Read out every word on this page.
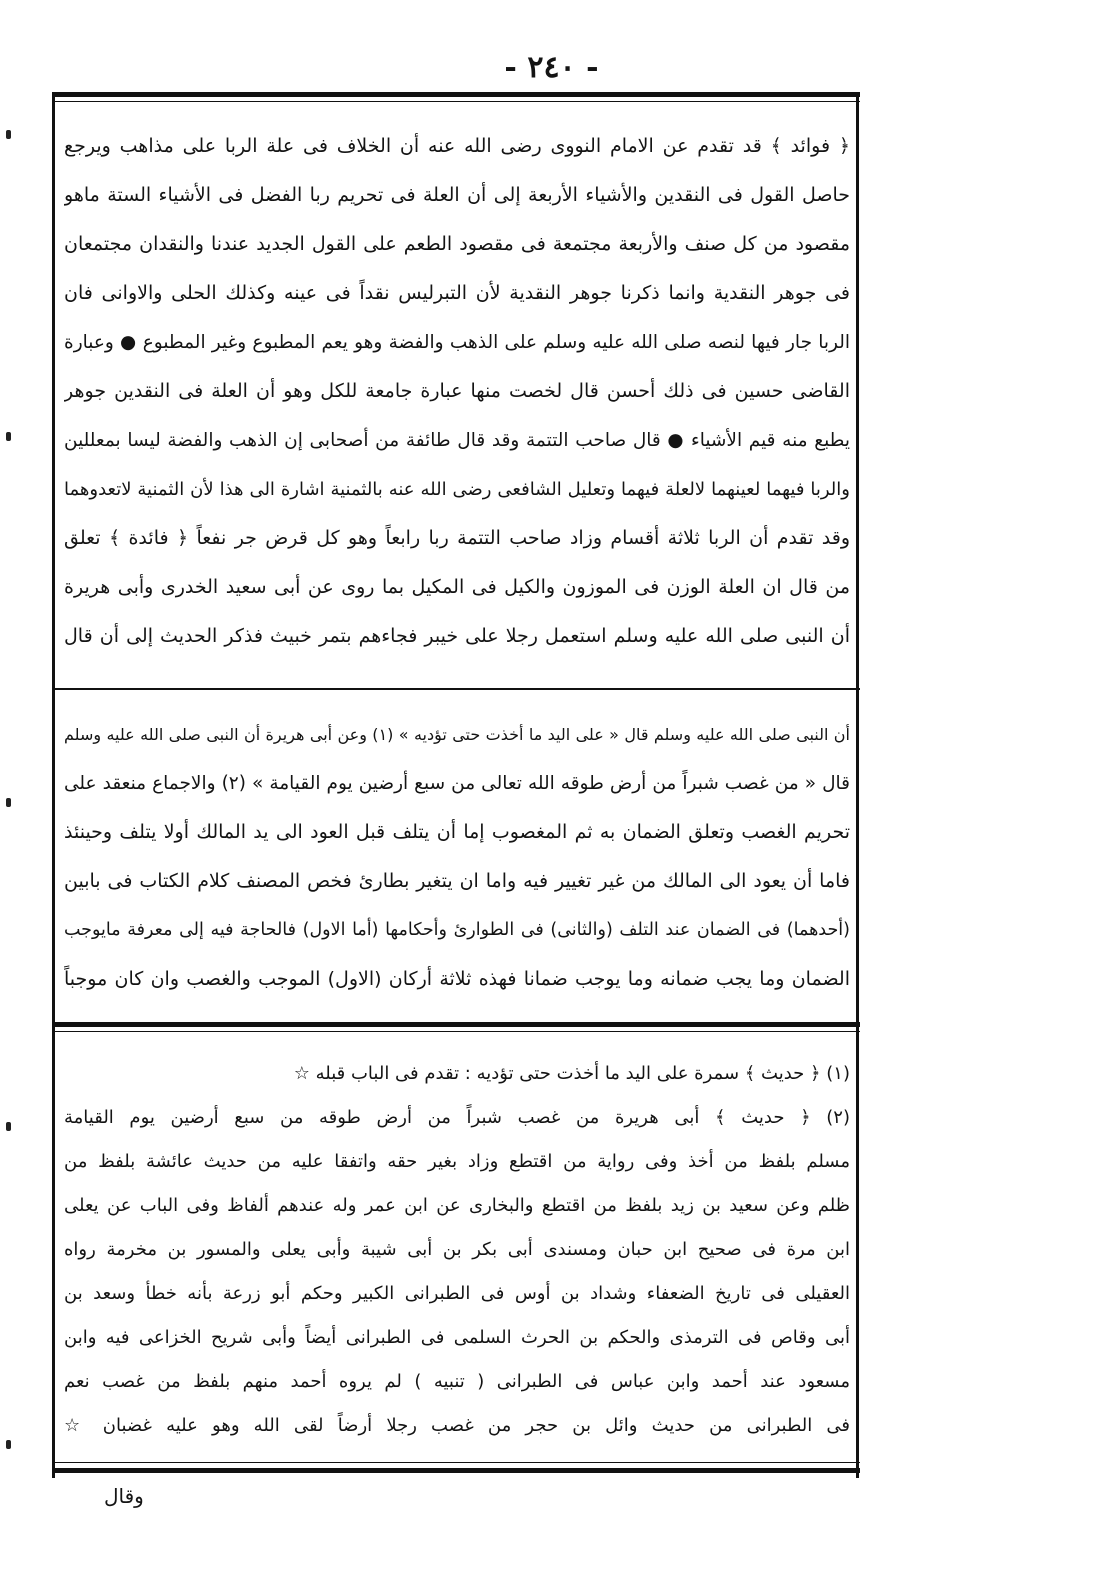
- ٢٤٠ -
﴿ فوائد ﴾ قد تقدم عن الامام النووى رضى الله عنه أن الخلاف فى علة الربا على مذاهب ويرجع
حاصل القول فى النقدين والأشياء الأربعة إلى أن العلة فى تحريم ربا الفضل فى الأشياء الستة ماهو
مقصود من كل صنف والأربعة مجتمعة فى مقصود الطعم على القول الجديد عندنا والنقدان مجتمعان
فى جوهر النقدية وانما ذكرنا جوهر النقدية لأن التبرليس نقداً فى عينه وكذلك الحلى والاوانى فان
الربا جار فيها لنصه صلى الله عليه وسلم على الذهب والفضة وهو يعم المطبوع وغير المطبوع ● وعبارة
القاضى حسين فى ذلك أحسن قال لخصت منها عبارة جامعة للكل وهو أن العلة فى النقدين جوهر
يطبع منه قيم الأشياء ● قال صاحب التتمة وقد قال طائفة من أصحابى إن الذهب والفضة ليسا بمعللين
والربا فيهما لعينهما لالعلة فيهما وتعليل الشافعى رضى الله عنه بالثمنية اشارة الى هذا لأن الثمنية لاتعدوهما
وقد تقدم أن الربا ثلاثة أقسام وزاد صاحب التتمة ربا رابعاً وهو كل قرض جر نفعاً ﴿ فائدة ﴾ تعلق
من قال ان العلة الوزن فى الموزون والكيل فى المكيل بما روى عن أبى سعيد الخدرى وأبى هريرة
أن النبى صلى الله عليه وسلم استعمل رجلا على خيبر فجاءهم بتمر خبيث فذكر الحديث إلى أن قال
أن النبى صلى الله عليه وسلم قال « على اليد ما أخذت حتى تؤديه » (١) وعن أبى هريرة أن النبى صلى الله عليه وسلم
قال « من غصب شبراً من أرض طوقه الله تعالى من سبع أرضين يوم القيامة » (٢) والاجماع منعقد على
تحريم الغصب وتعلق الضمان به ثم المغصوب إما أن يتلف قبل العود الى يد المالك أولا يتلف وحينئذ
فاما أن يعود الى المالك من غير تغيير فيه واما ان يتغير بطارئ فخص المصنف كلام الكتاب فى بابين
(أحدهما) فى الضمان عند التلف (والثانى) فى الطوارئ وأحكامها (أما الاول) فالحاجة فيه إلى معرفة مايوجب
الضمان وما يجب ضمانه وما يوجب ضمانا فهذه ثلاثة أركان (الاول) الموجب والغصب وان كان موجباً
(١) ﴿ حديث ﴾ سمرة على اليد ما أخذت حتى تؤديه : تقدم فى الباب قبله ☆
(٢) ﴿ حديث ﴾ أبى هريرة من غصب شبراً من أرض طوقه من سبع أرضين يوم القيامة
مسلم بلفظ من أخذ وفى رواية من اقتطع وزاد بغير حقه واتفقا عليه من حديث عائشة بلفظ من
ظلم وعن سعيد بن زيد بلفظ من اقتطع والبخارى عن ابن عمر وله عندهم ألفاظ وفى الباب عن يعلى
ابن مرة فى صحيح ابن حبان ومسندى أبى بكر بن أبى شيبة وأبى يعلى والمسور بن مخرمة رواه
العقيلى فى تاريخ الضعفاء وشداد بن أوس فى الطبرانى الكبير وحكم أبو زرعة بأنه خطأ وسعد بن
أبى وقاص فى الترمذى والحكم بن الحرث السلمى فى الطبرانى أيضاً وأبى شريح الخزاعى فيه وابن
مسعود عند أحمد وابن عباس فى الطبرانى ( تنبيه ) لم يروه أحمد منهم بلفظ من غصب نعم
فى الطبرانى من حديث وائل بن حجر من غصب رجلا أرضاً لقى الله وهو عليه غضبان ☆
وقال
